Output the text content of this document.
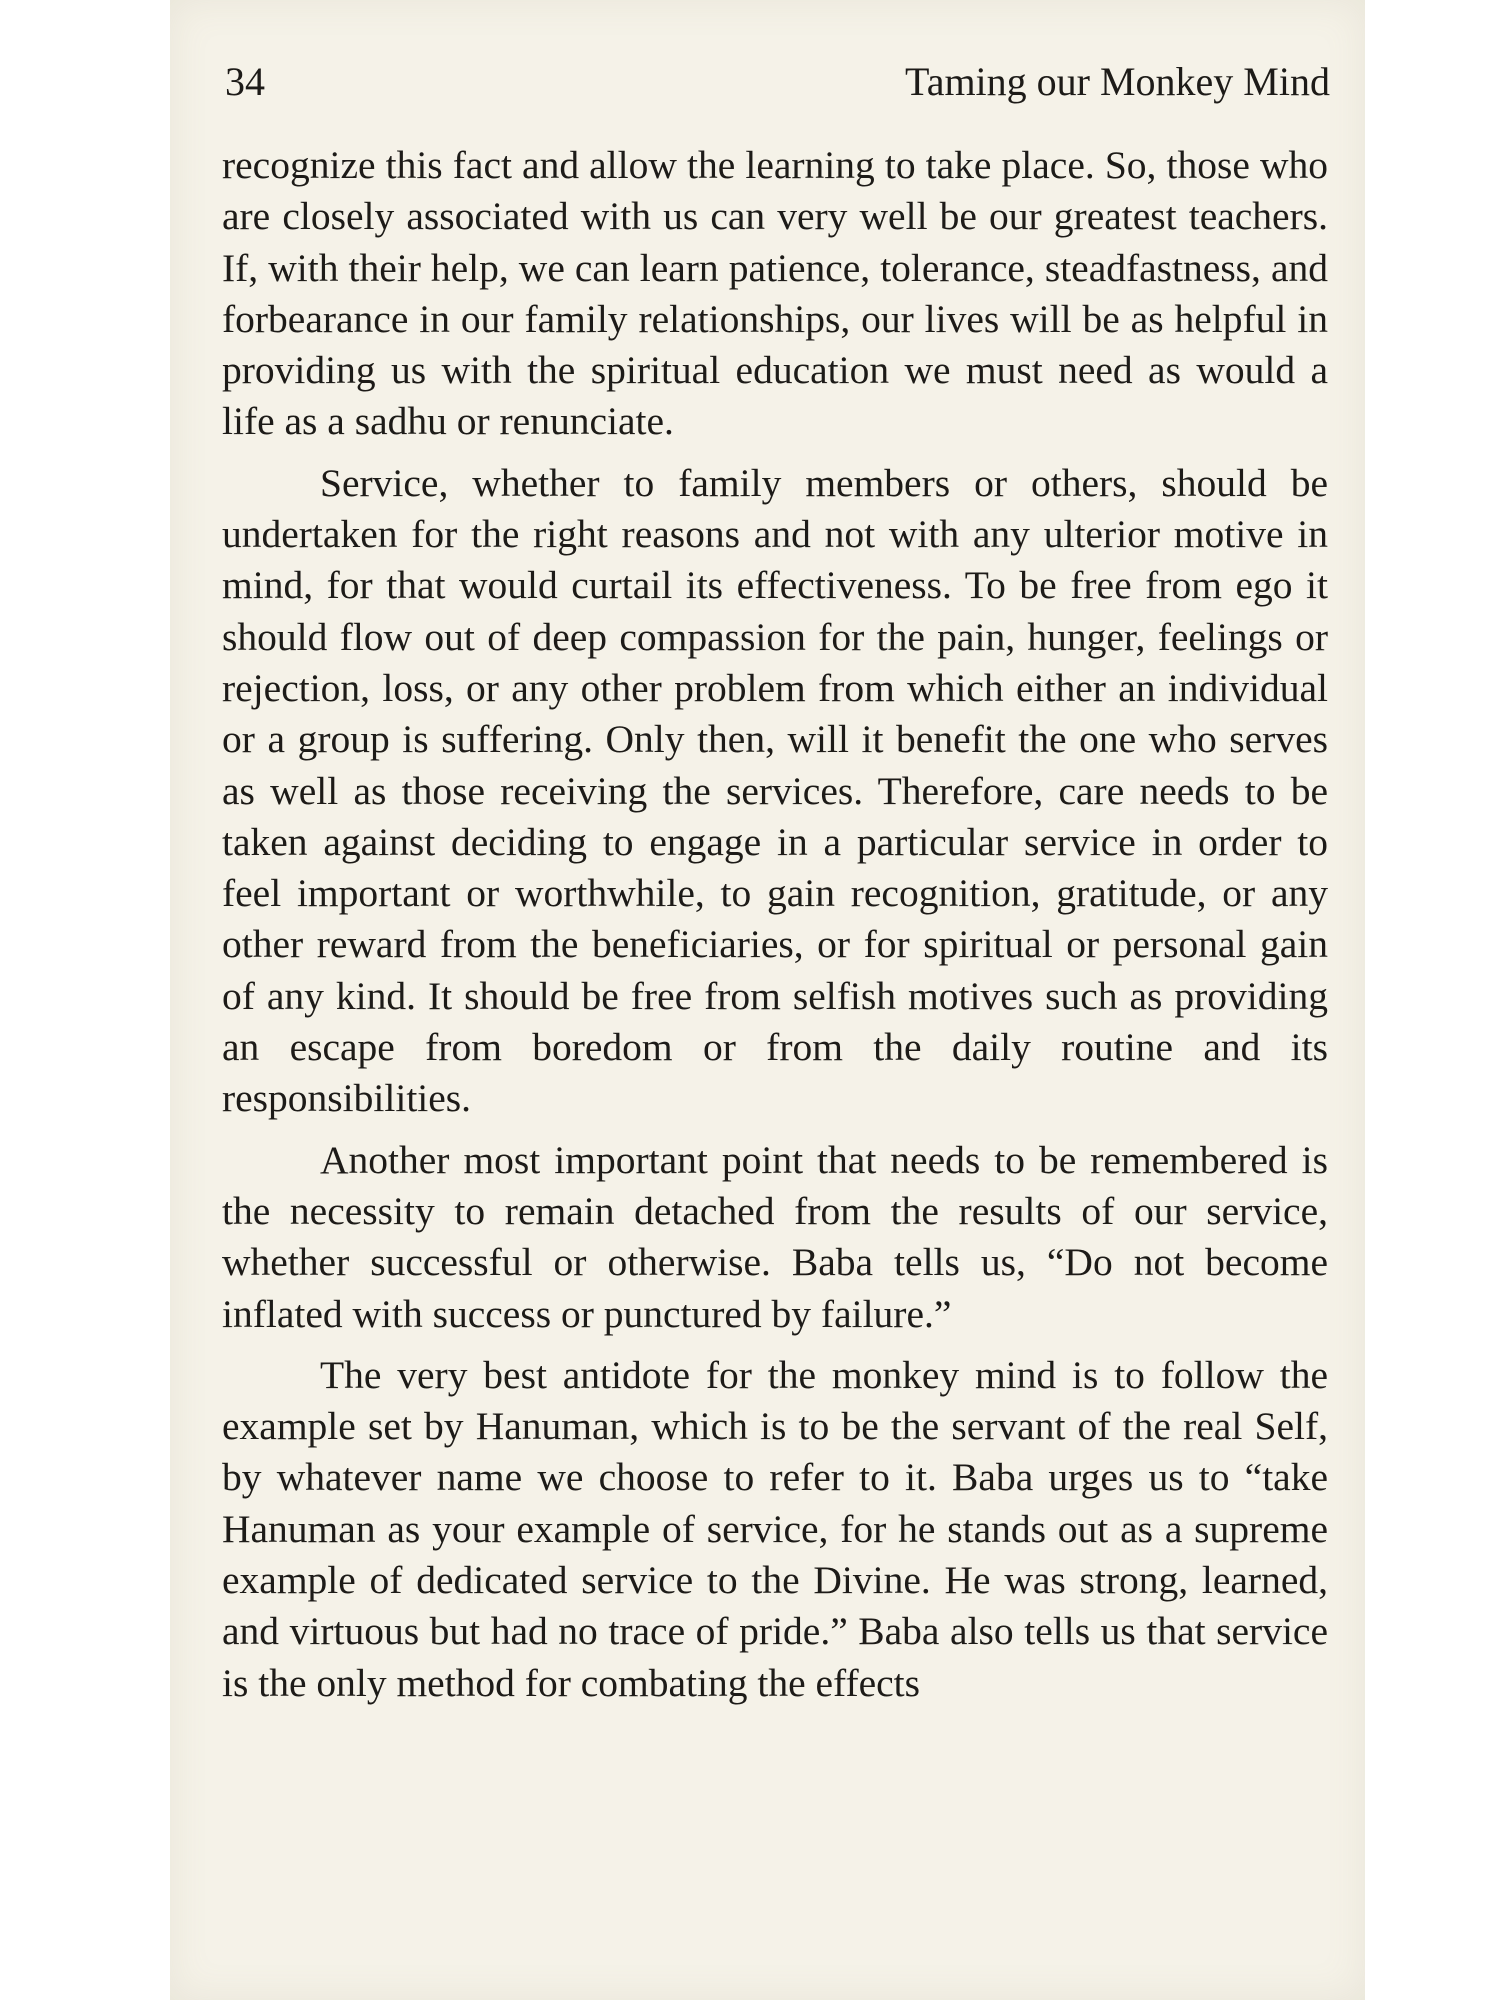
34	Taming our Monkey Mind

recognize this fact and allow the learning to take place. So, those who are closely associated with us can very well be our greatest teachers. If, with their help, we can learn patience, tolerance, steadfastness, and forbearance in our family relationships, our lives will be as helpful in providing us with the spiritual education we must need as would a life as a sadhu or renunciate.

Service, whether to family members or others, should be undertaken for the right reasons and not with any ulterior motive in mind, for that would curtail its effectiveness. To be free from ego it should flow out of deep compassion for the pain, hunger, feelings or rejection, loss, or any other problem from which either an individual or a group is suffering. Only then, will it benefit the one who serves as well as those receiving the services. Therefore, care needs to be taken against deciding to engage in a particular service in order to feel important or worthwhile, to gain recognition, gratitude, or any other reward from the beneficiaries, or for spiritual or personal gain of any kind. It should be free from selfish motives such as providing an escape from boredom or from the daily routine and its responsibilities.

Another most important point that needs to be remembered is the necessity to remain detached from the results of our service, whether successful or otherwise. Baba tells us, “Do not become inflated with success or punctured by failure.”

The very best antidote for the monkey mind is to follow the example set by Hanuman, which is to be the servant of the real Self, by whatever name we choose to refer to it. Baba urges us to “take Hanuman as your example of service, for he stands out as a supreme example of dedicated service to the Divine. He was strong, learned, and virtuous but had no trace of pride.” Baba also tells us that service is the only method for combating the effects
